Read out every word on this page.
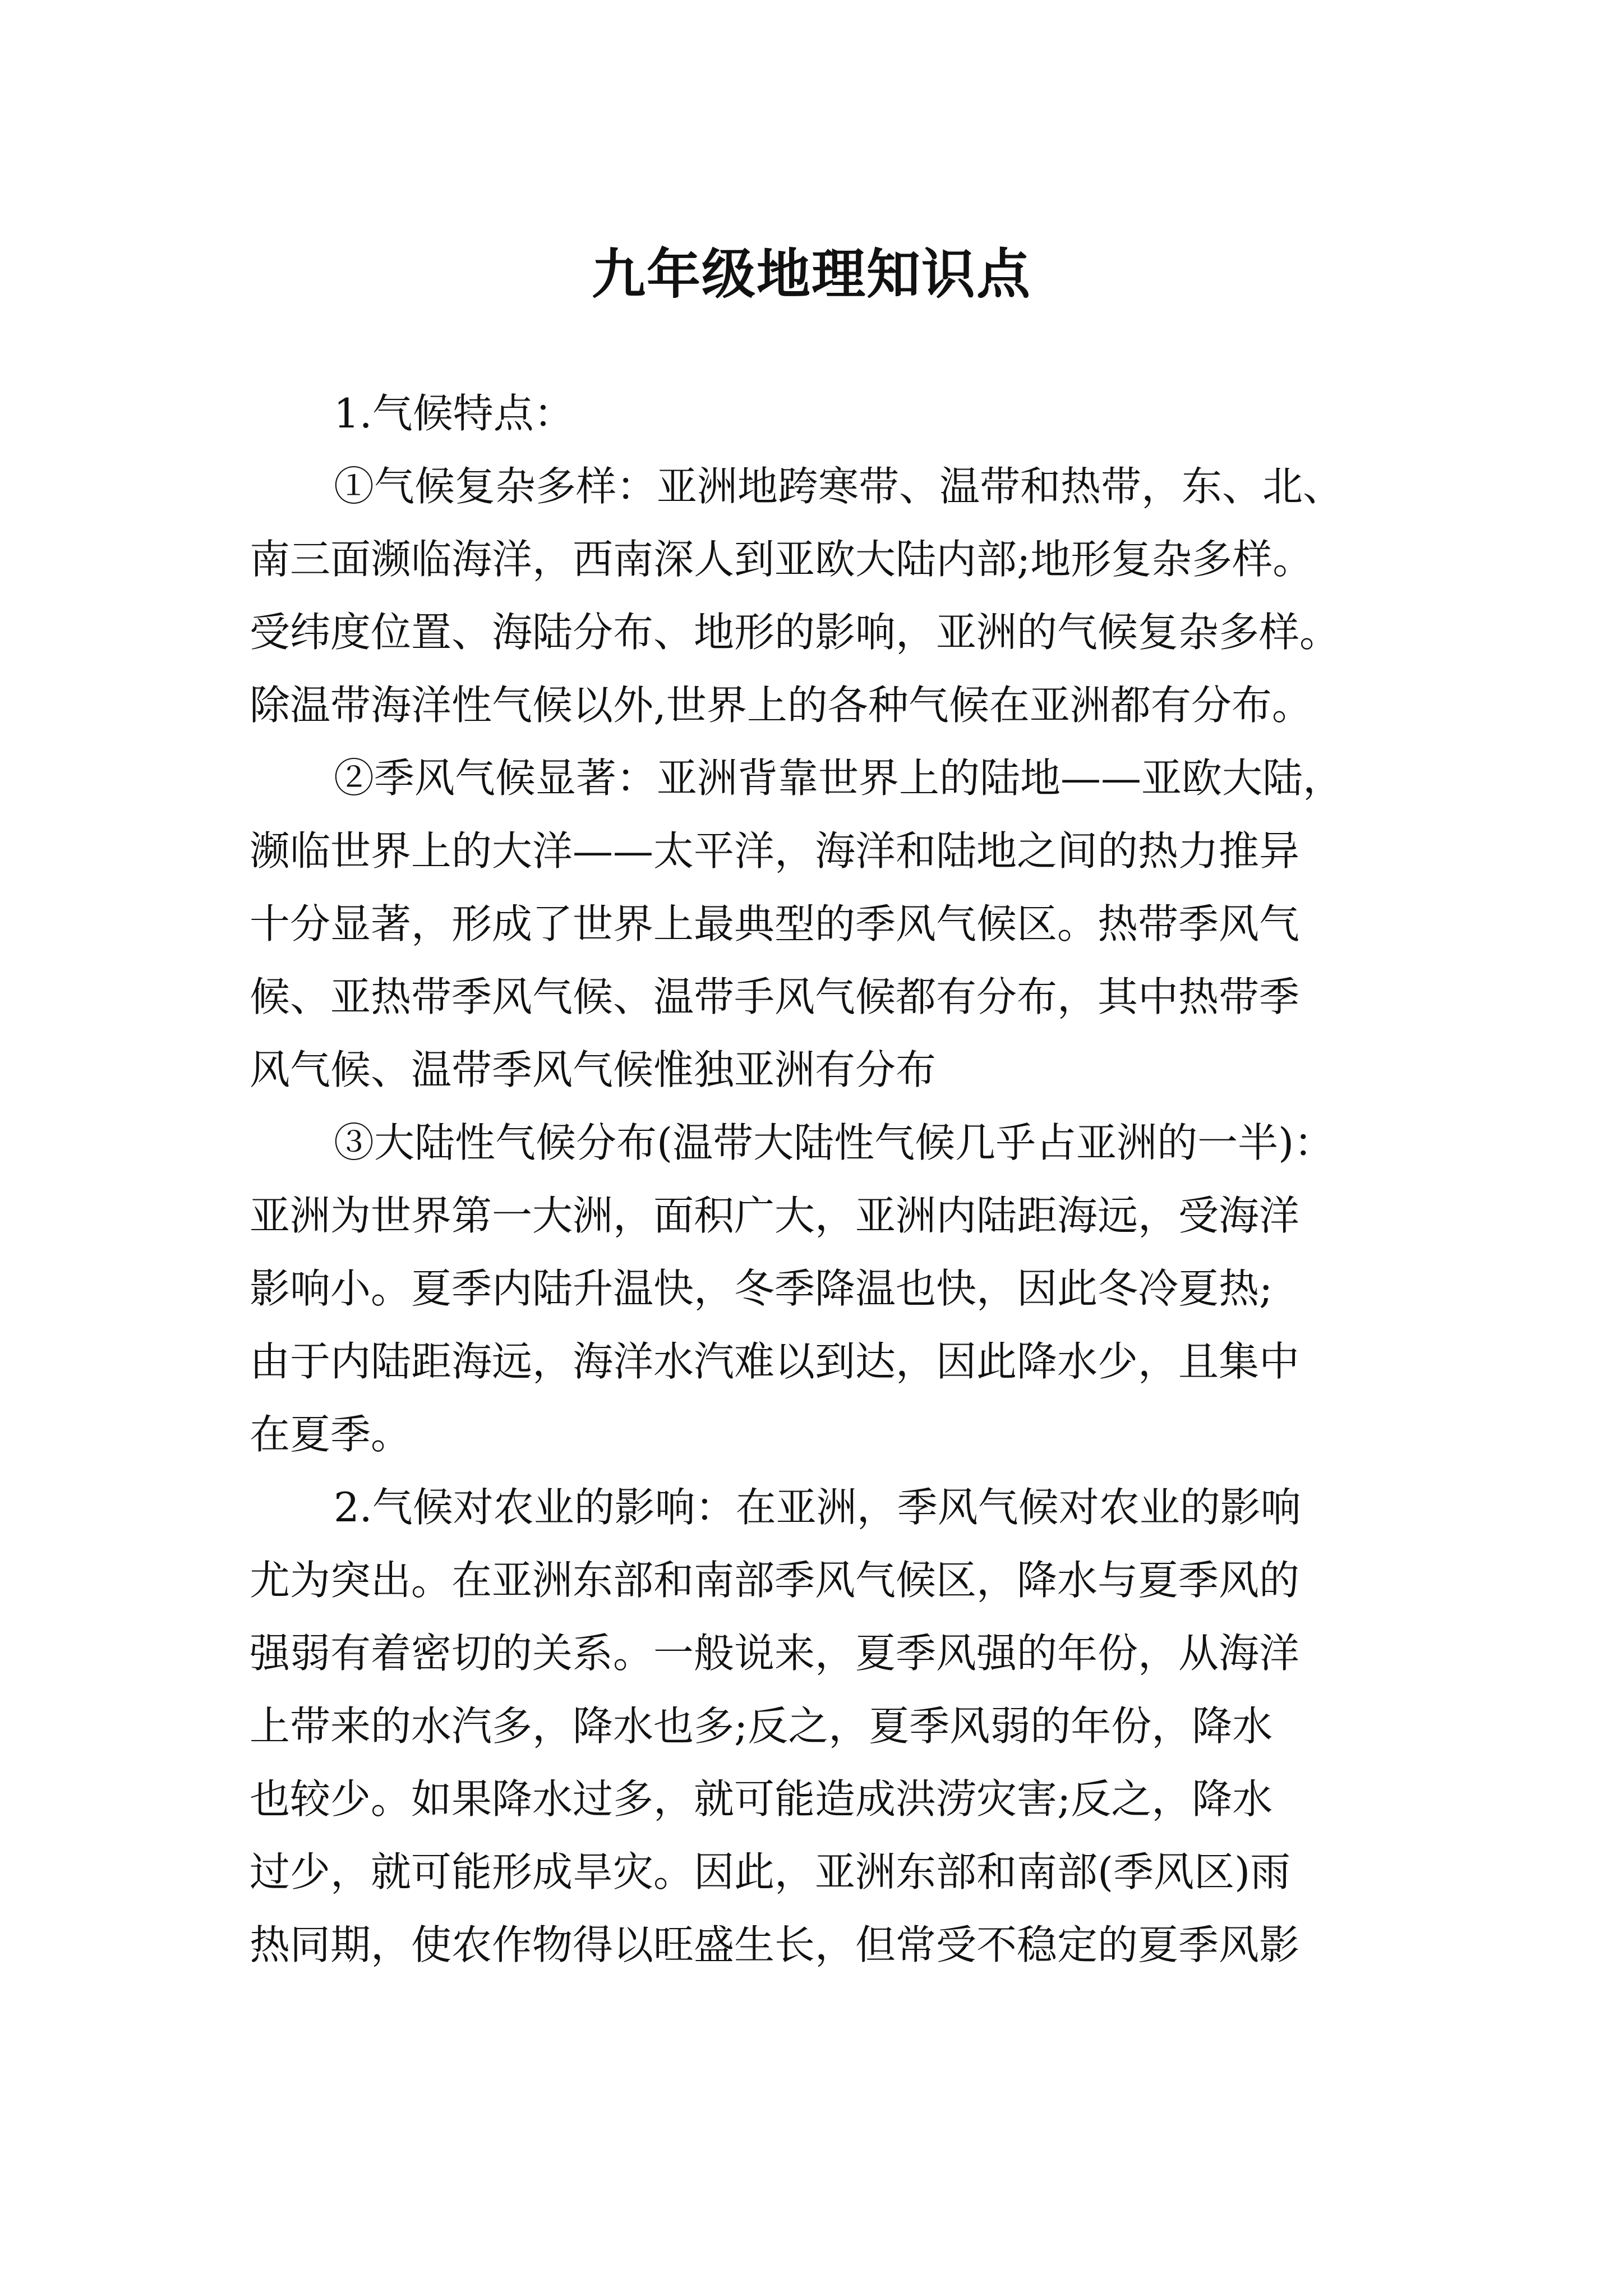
九年级地理知识点

1.气候特点：

①气候复杂多样：亚洲地跨寒带、温带和热带，东、北、
南三面濒临海洋，西南深人到亚欧大陆内部;地形复杂多样。
受纬度位置、海陆分布、地形的影响，亚洲的气候复杂多样。
除温带海洋性气候以外,世界上的各种气候在亚洲都有分布。

②季风气候显著：亚洲背靠世界上的陆地——亚欧大陆，
濒临世界上的大洋——太平洋，海洋和陆地之间的热力推异
十分显著，形成了世界上最典型的季风气候区。热带季风气
候、亚热带季风气候、温带手风气候都有分布，其中热带季
风气候、温带季风气候惟独亚洲有分布

③大陆性气候分布(温带大陆性气候几乎占亚洲的一半)：
亚洲为世界第一大洲，面积广大，亚洲内陆距海远，受海洋
影响小。夏季内陆升温快，冬季降温也快，因此冬冷夏热;
由于内陆距海远，海洋水汽难以到达，因此降水少，且集中
在夏季。

2.气候对农业的影响：在亚洲，季风气候对农业的影响
尤为突出。在亚洲东部和南部季风气候区，降水与夏季风的
强弱有着密切的关系。一般说来，夏季风强的年份，从海洋
上带来的水汽多，降水也多;反之，夏季风弱的年份，降水
也较少。如果降水过多，就可能造成洪涝灾害;反之，降水
过少，就可能形成旱灾。因此，亚洲东部和南部(季风区)雨
热同期，使农作物得以旺盛生长，但常受不稳定的夏季风影
